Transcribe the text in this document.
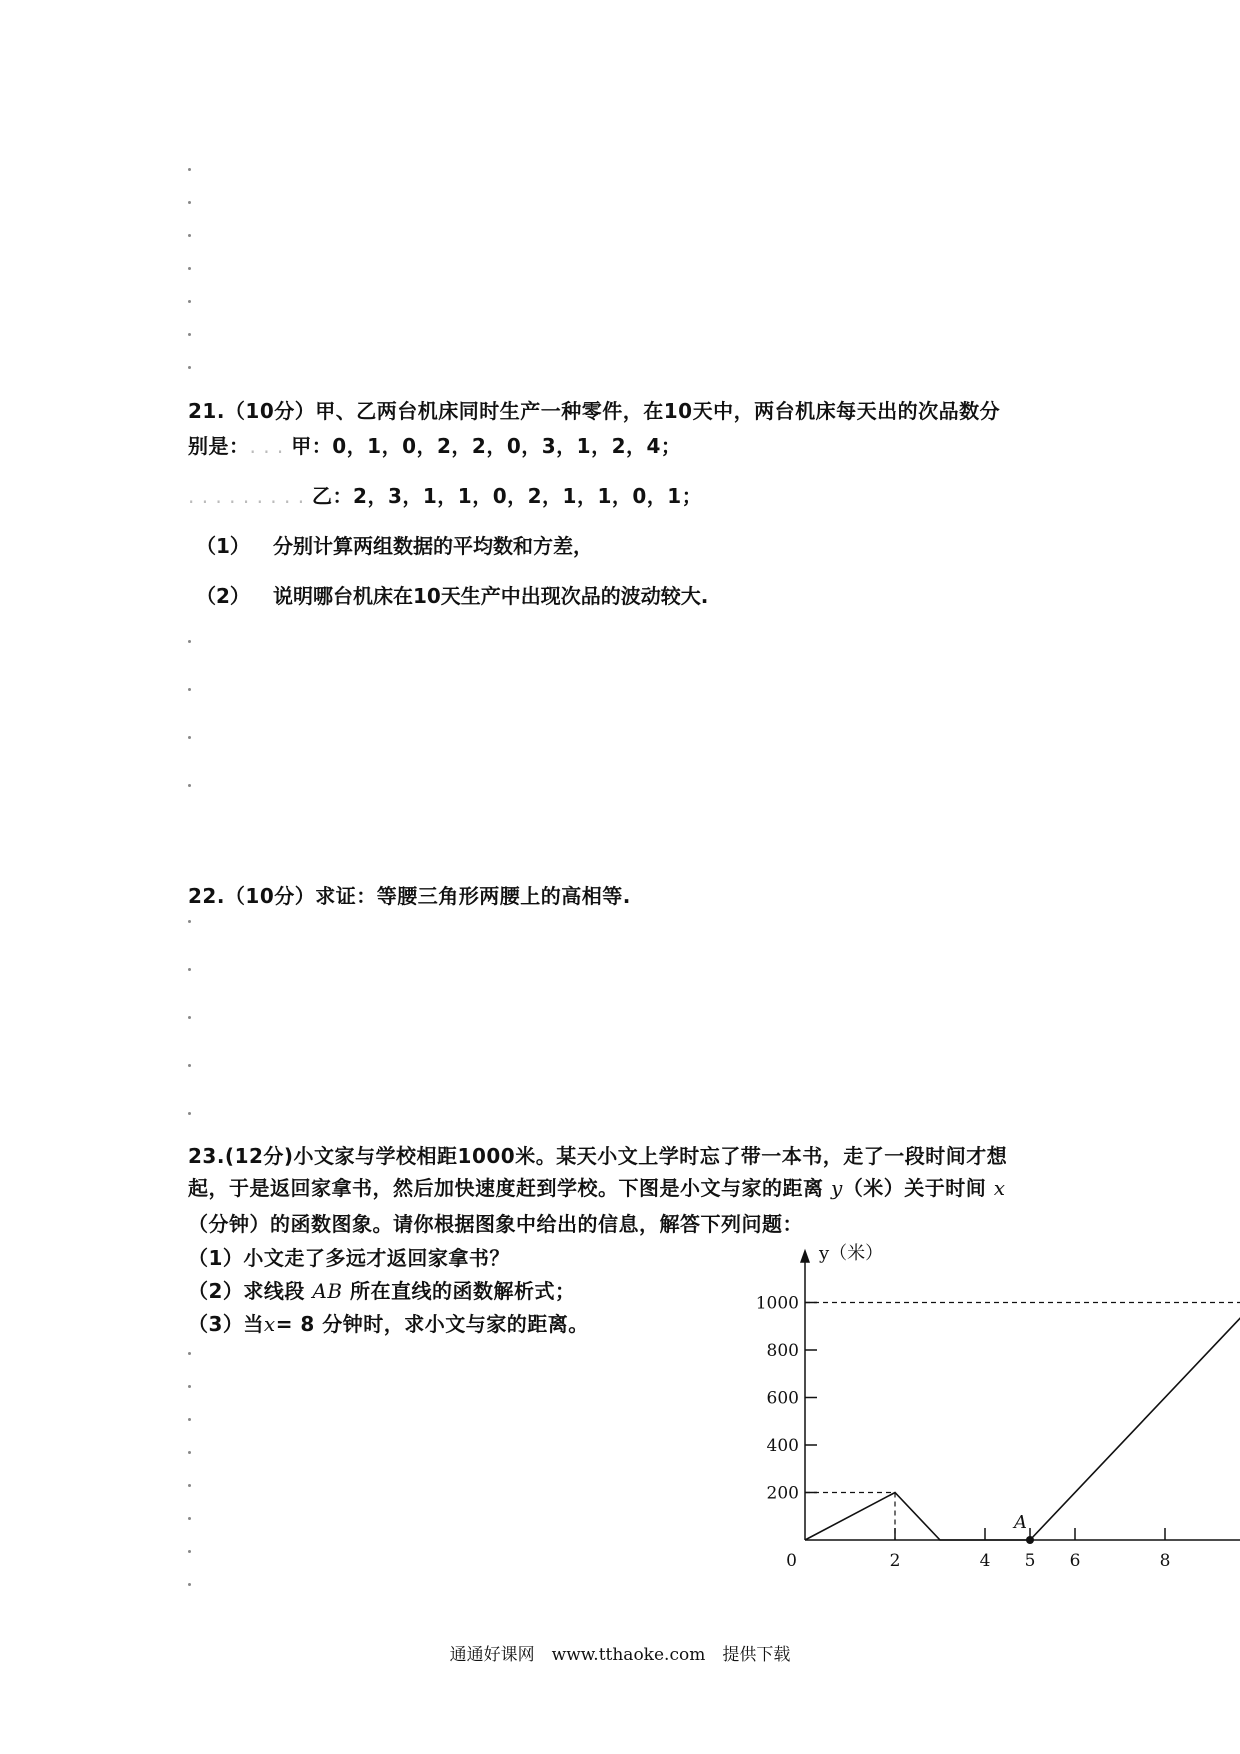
21.（10分）甲、乙两台机床同时生产一种零件，在10天中，两台机床每天出的次品数分
别是：. . . 甲：0，1，0，2，2，0，3，1，2，4；
. . . . . . . . . 乙：2，3，1，1，0，2，1，1，0，1；
（1） 分别计算两组数据的平均数和方差，
（2） 说明哪台机床在10天生产中出现次品的波动较大.
22.（10分）求证：等腰三角形两腰上的高相等.
23.(12分)小文家与学校相距1000米。某天小文上学时忘了带一本书，走了一段时间才想
起，于是返回家拿书，然后加快速度赶到学校。下图是小文与家的距离 y（米）关于时间 x
（分钟）的函数图象。请你根据图象中给出的信息，解答下列问题：
（1）小文走了多远才返回家拿书？
（2）求线段 AB 所在直线的函数解析式；
（3）当x= 8 分钟时，求小文与家的距离。
200
400
600
800
1000
2	4 5 6	8
0
y（米）
A
通通好课网　www.tthaoke.com　提供下载
